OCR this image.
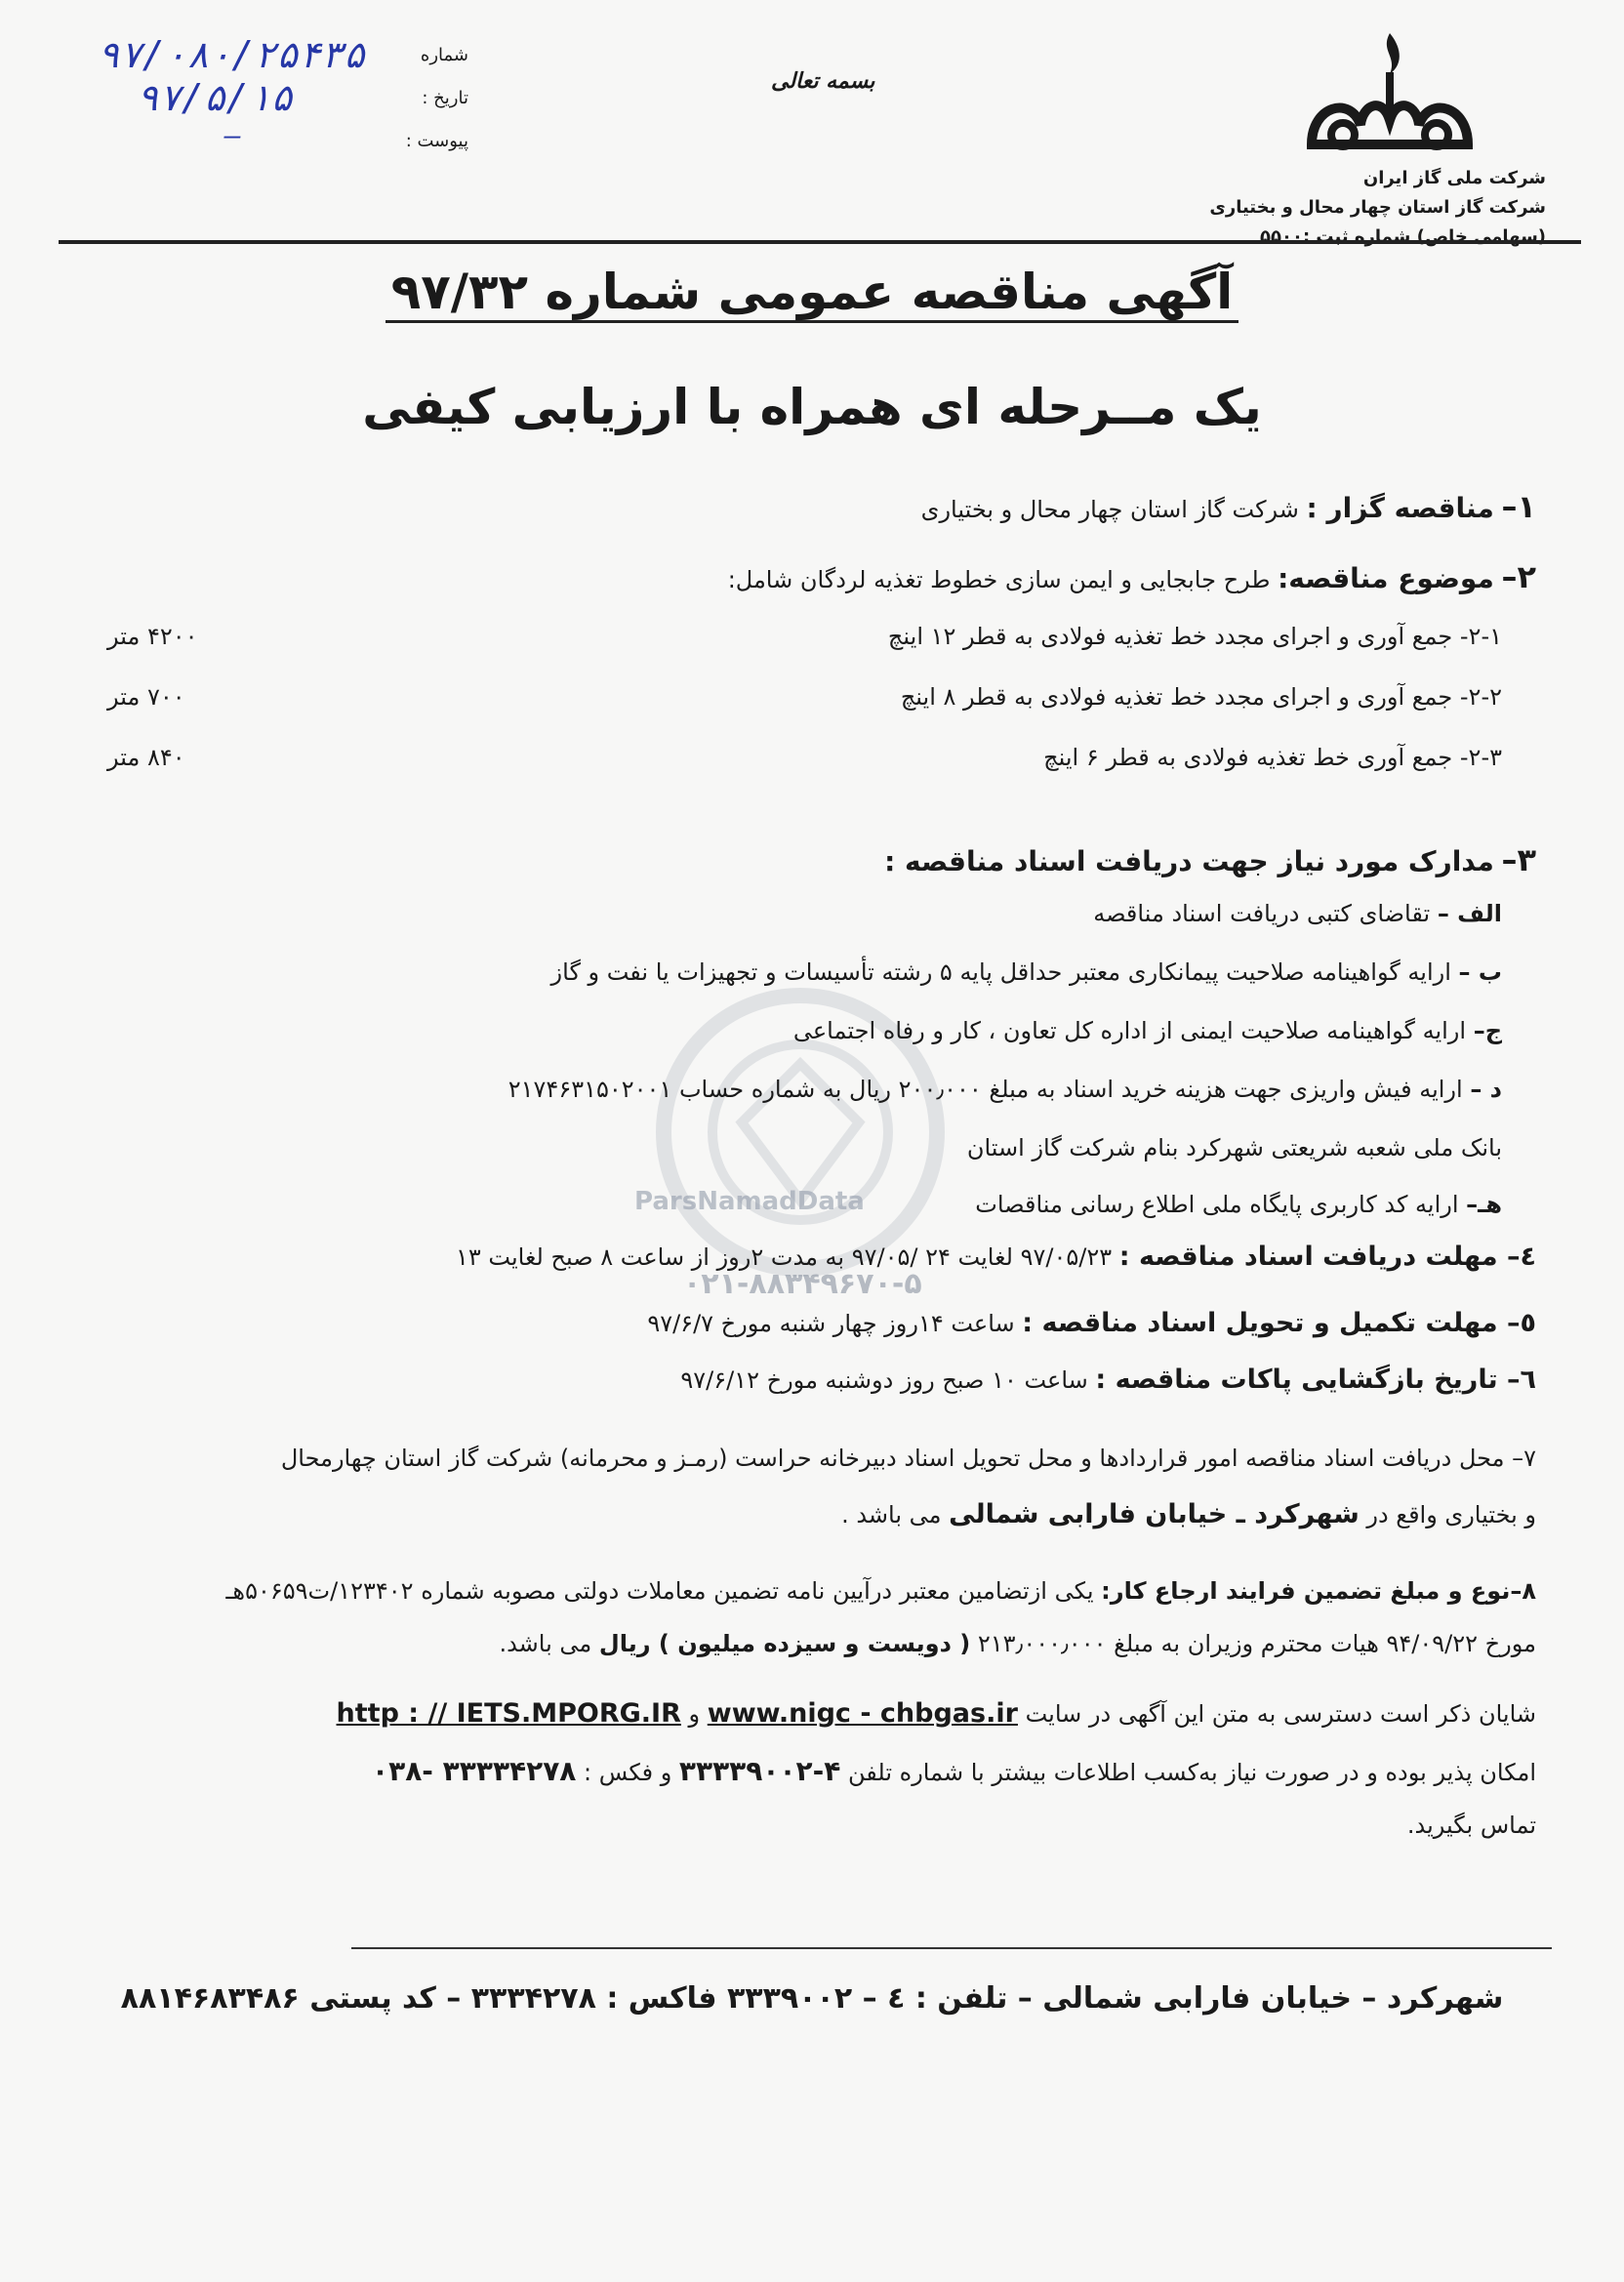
شرکت ملی گاز ایران
شرکت گاز استان چهار محال و بختیاری
(سهامی خاص) شماره ثبت :۵۵۰۰
بسمه تعالی
شماره
۹۷/۰۸۰/۲۵۴۳۵
تاریخ :
۹۷/۵/۱۵
پیوست :
–
آگهی مناقصه عمومی شماره ۹۷/۳۲
یک مــرحله ای همراه با ارزیابی کیفی
ParsNamadData
۰۲۱-۸۸۳۴۹۶۷۰-۵
۱– مناقصه گزار : شرکت گاز استان چهار محال و بختیاری
۲– موضوع مناقصه: طرح جابجایی و ایمن سازی خطوط تغذیه لردگان شامل:
۲-۱- جمع آوری و اجرای مجدد خط تغذیه فولادی به قطر ۱۲ اینچ
۴۲۰۰ متر
۲-۲- جمع آوری و اجرای مجدد خط تغذیه فولادی به قطر ۸ اینچ
۷۰۰ متر
۲-۳- جمع آوری خط تغذیه فولادی به قطر ۶ اینچ
۸۴۰ متر
۳– مدارک مورد نیاز جهت دریافت اسناد مناقصه :
الف – تقاضای کتبی دریافت اسناد مناقصه
ب – ارایه گواهینامه صلاحیت پیمانکاری معتبر حداقل پایه ۵ رشته تأسیسات و تجهیزات یا نفت و گاز
ج– ارایه گواهینامه صلاحیت ایمنی از اداره کل تعاون ، کار و رفاه اجتماعی
د – ارایه فیش واریزی جهت هزینه خرید اسناد به مبلغ ۲۰۰٫۰۰۰ ریال به شماره حساب ۲۱۷۴۶۳۱۵۰۲۰۰۱
بانک ملی شعبه شریعتی شهرکرد بنام شرکت گاز استان
هـ– ارایه کد کاربری پایگاه ملی اطلاع رسانی مناقصات
٤– مهلت دریافت اسناد مناقصه : ۹۷/۰۵/۲۳ لغایت ۲۴ /۹۷/۰۵ به مدت ۲روز از ساعت ۸ صبح لغایت ۱۳
٥– مهلت تکمیل و تحویل اسناد مناقصه : ساعت ۱۴روز چهار شنبه مورخ ۹۷/۶/۷
٦– تاریخ بازگشایی پاکات مناقصه : ساعت ۱۰ صبح روز دوشنبه مورخ ۹۷/۶/۱۲
۷– محل دریافت اسناد مناقصه امور قراردادها و محل تحویل اسناد دبیرخانه حراست (رمـز و محرمانه) شرکت گاز استان چهارمحال
و بختیاری واقع در شهرکرد ـ خیابان فارابی شمالی می باشد .
۸–نوع و مبلغ تضمین فرایند ارجاع کار: یکی ازتضامین معتبر درآیین نامه تضمین معاملات دولتی مصوبه شماره ۱۲۳۴۰۲/ت۵۰۶۵۹هـ
مورخ ۹۴/۰۹/۲۲ هیات محترم وزیران به مبلغ ۲۱۳٫۰۰۰٫۰۰۰ ( دویست و سیزده میلیون ) ریال می باشد.
شایان ذکر است دسترسی به متن این آگهی در سایت www.nigc - chbgas.ir و http : // IETS.MPORG.IR
امکان پذیر بوده و در صورت نیاز به‌کسب اطلاعات بیشتر با شماره تلفن ۴-۳۳۳۳۹۰۰۲ و فکس : ۳۳۳۳۴۲۷۸ -۰۳۸
تماس بگیرید.
شهرکرد – خیابان فارابی شمالی – تلفن : ٤ – ۳۳۳۹۰۰۲ فاکس : ۳۳۳۴۲۷۸ – کد پستی ۸۸۱۴۶۸۳۴۸۶
